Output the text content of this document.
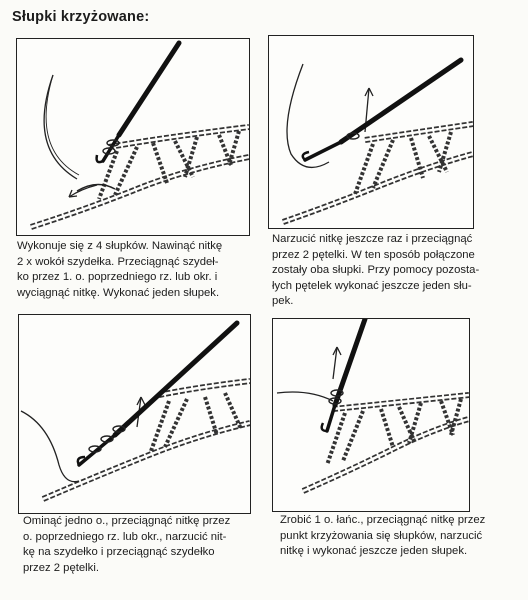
Słupki krzyżowane:
Wykonuje się z 4 słupków. Nawinąć nitkę
2 x wokół szydełka. Przeciągnąć szydeł-
ko przez 1. o. poprzedniego rz. lub okr. i
wyciągnąć nitkę. Wykonać jeden słupek.
Narzucić nitkę jeszcze raz i przeciągnąć
przez 2 pętelki. W ten sposób połączone
zostały oba słupki. Przy pomocy pozosta-
łych pętelek wykonać jeszcze jeden słu-
pek.
Ominąć jedno o., przeciągnąć nitkę przez
o. poprzedniego rz. lub okr., narzucić nit-
kę na szydełko i przeciągnąć szydełko
przez 2 pętelki.
Zrobić 1 o. łańc., przeciągnąć nitkę przez
punkt krzyżowania się słupków, narzucić
nitkę i wykonać jeszcze jeden słupek.
